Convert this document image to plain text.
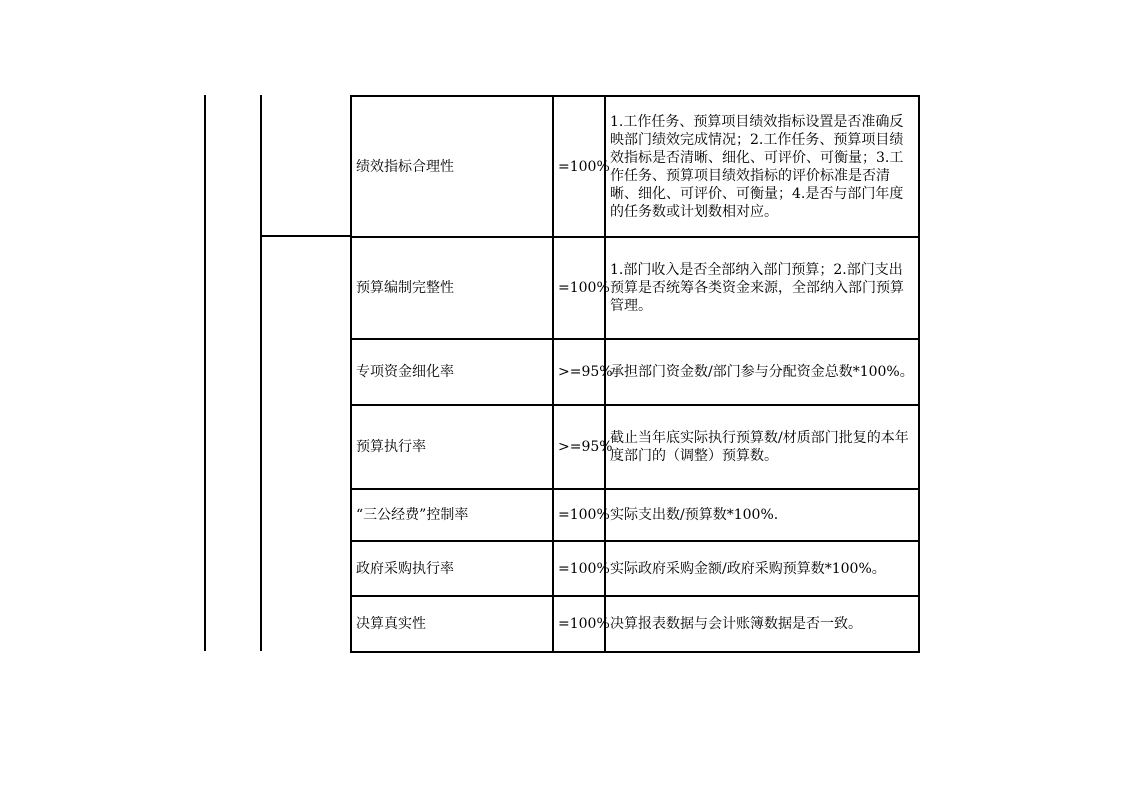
绩效指标合理性	=100%	1.工作任务、预算项目绩效指标设置是否准确反映部门绩效完成情况；2.工作任务、预算项目绩效指标是否清晰、细化、可评价、可衡量；3.工作任务、预算项目绩效指标的评价标准是否清晰、细化、可评价、可衡量；4.是否与部门年度的任务数或计划数相对应。
预算编制完整性	=100%	1.部门收入是否全部纳入部门预算；2.部门支出预算是否统筹各类资金来源，全部纳入部门预算管理。
专项资金细化率	>=95%	承担部门资金数/部门参与分配资金总数*100%。
预算执行率	>=95%	截止当年底实际执行预算数/材质部门批复的本年度部门的（调整）预算数。
“三公经费”控制率	=100%	实际支出数/预算数*100%.
政府采购执行率	=100%	实际政府采购金额/政府采购预算数*100%。
决算真实性	=100%	决算报表数据与会计账簿数据是否一致。
